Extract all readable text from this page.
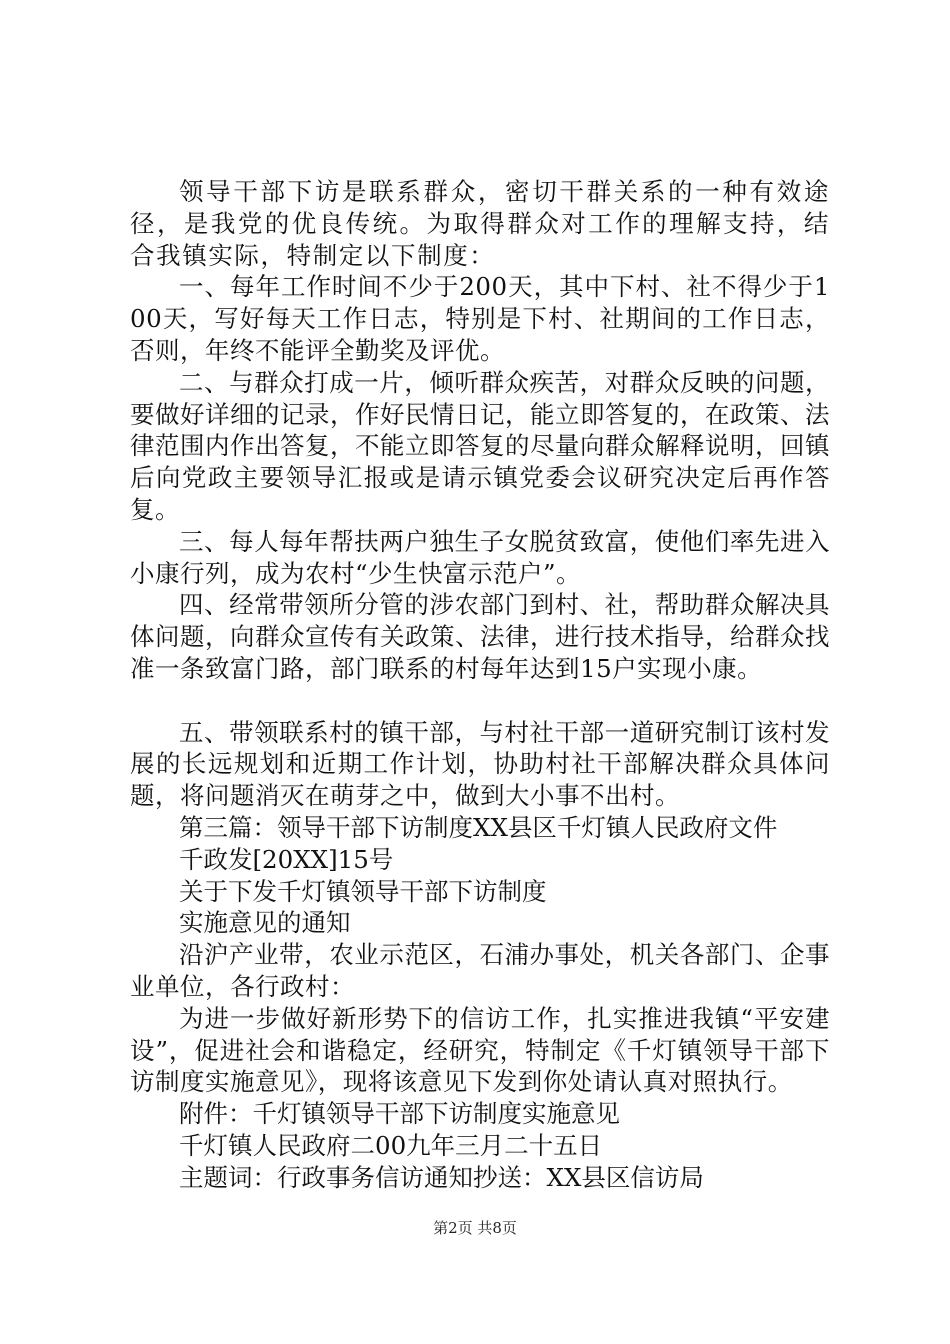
领导干部下访是联系群众，密切干群关系的一种有效途径，是我党的优良传统。为取得群众对工作的理解支持，结合我镇实际，特制定以下制度：

一、每年工作时间不少于200天，其中下村、社不得少于100天，写好每天工作日志，特别是下村、社期间的工作日志，否则，年终不能评全勤奖及评优。

二、与群众打成一片，倾听群众疾苦，对群众反映的问题，要做好详细的记录，作好民情日记，能立即答复的，在政策、法律范围内作出答复，不能立即答复的尽量向群众解释说明，回镇后向党政主要领导汇报或是请示镇党委会议研究决定后再作答复。

三、每人每年帮扶两户独生子女脱贫致富，使他们率先进入小康行列，成为农村“少生快富示范户”。

四、经常带领所分管的涉农部门到村、社，帮助群众解决具体问题，向群众宣传有关政策、法律，进行技术指导，给群众找准一条致富门路，部门联系的村每年达到15户实现小康。

五、带领联系村的镇干部，与村社干部一道研究制订该村发展的长远规划和近期工作计划，协助村社干部解决群众具体问题，将问题消灭在萌芽之中，做到大小事不出村。

第三篇：领导干部下访制度XX县区千灯镇人民政府文件

千政发[20XX]15号

关于下发千灯镇领导干部下访制度

实施意见的通知

沿沪产业带，农业示范区，石浦办事处，机关各部门、企事业单位，各行政村：

为进一步做好新形势下的信访工作，扎实推进我镇“平安建设”，促进社会和谐稳定，经研究，特制定《千灯镇领导干部下访制度实施意见》，现将该意见下发到你处请认真对照执行。

附件：千灯镇领导干部下访制度实施意见

千灯镇人民政府二00九年三月二十五日

主题词：行政事务信访通知抄送：XX县区信访局

第2页 共8页
